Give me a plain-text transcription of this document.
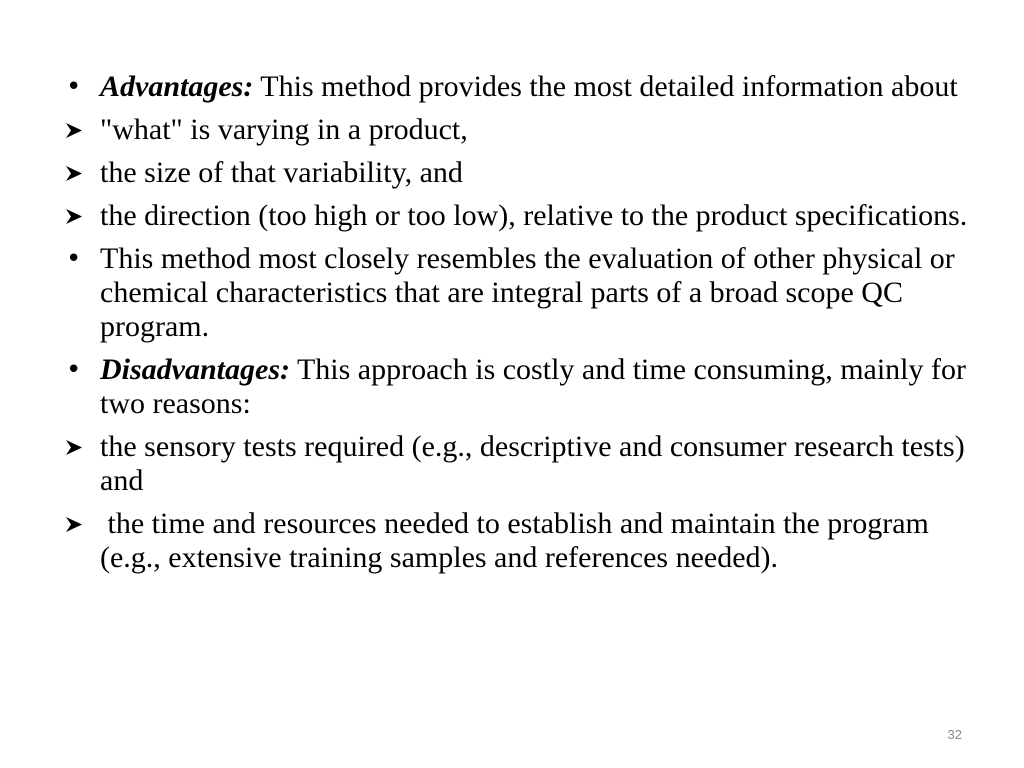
• Advantages: This method provides the most detailed information about
"what" is varying in a product,
the size of that variability, and
the direction (too high or too low), relative to the product specifications.
• This method most closely resembles the evaluation of other physical or chemical characteristics that are integral parts of a broad scope QC program.
• Disadvantages: This approach is costly and time consuming, mainly for two reasons:
the sensory tests required (e.g., descriptive and consumer research tests) and
the time and resources needed to establish and maintain the program (e.g., extensive training samples and references needed).
32
